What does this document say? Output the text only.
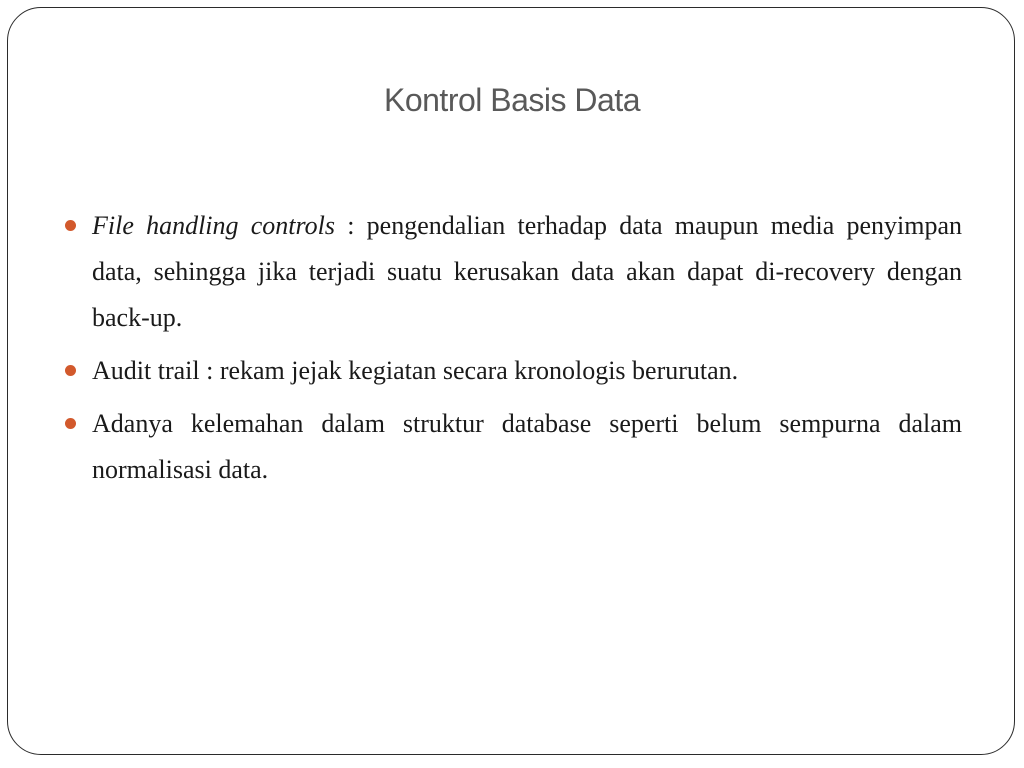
Kontrol Basis Data
File handling controls : pengendalian terhadap data maupun media penyimpan data, sehingga jika terjadi suatu kerusakan data akan dapat di-recovery dengan back-up.
Audit trail : rekam jejak kegiatan secara kronologis berurutan.
Adanya kelemahan dalam struktur database seperti belum sempurna dalam normalisasi data.
